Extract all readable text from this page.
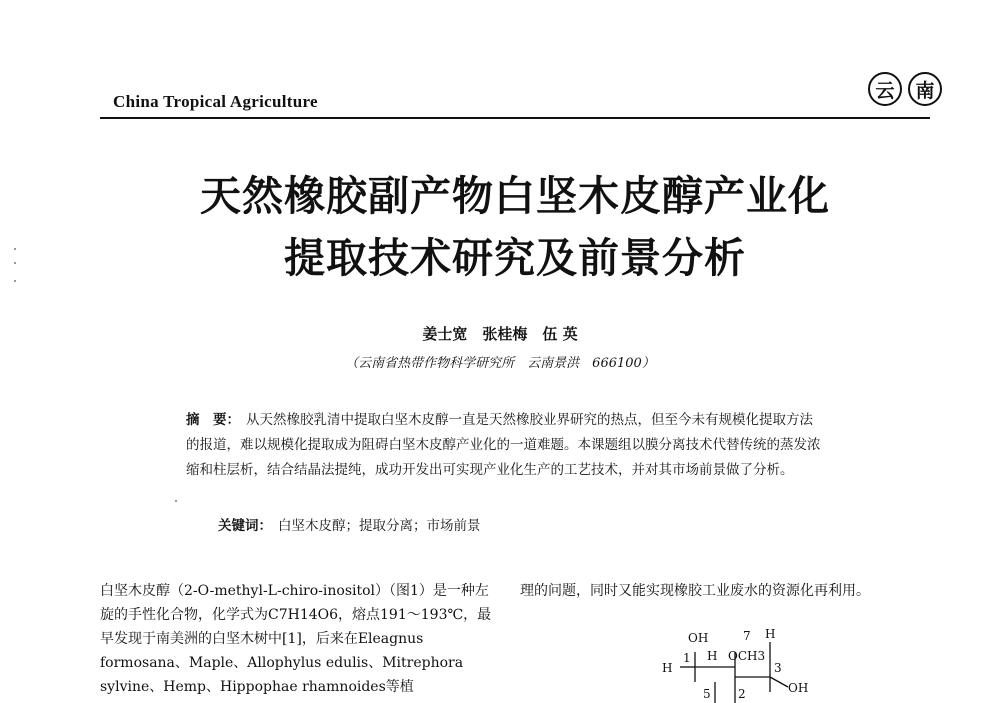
China Tropical Agriculture	云	南
天然橡胶副产物白坚木皮醇产业化
提取技术研究及前景分析
姜士宽　张桂梅　伍 英
（云南省热带作物科学研究所　云南景洪　666100）
摘　要： 从天然橡胶乳清中提取白坚木皮醇一直是天然橡胶业界研究的热点，但至今未有规模化提取方法的报道，难以规模化提取成为阻碍白坚木皮醇产业化的一道难题。本课题组以膜分离技术代替传统的蒸发浓缩和柱层析，结合结晶法提纯，成功开发出可实现产业化生产的工艺技术，并对其市场前景做了分析。
关键词： 白坚木皮醇；提取分离；市场前景
白坚木皮醇（2-O-methyl-L-chiro-inositol）（图1）是一种左旋的手性化合物，化学式为C7H14O6，熔点191～193℃，最早发现于南美洲的白坚木树中[1]，后来在Eleagnus formosana、Maple、Allophylus edulis、Mitrephora sylvine、Hemp、Hippophae rhamnoides等植
理的问题，同时又能实现橡胶工业废水的资源化再利用。
OH	7 H
H
1 H OCH3
3
OH
5 2
